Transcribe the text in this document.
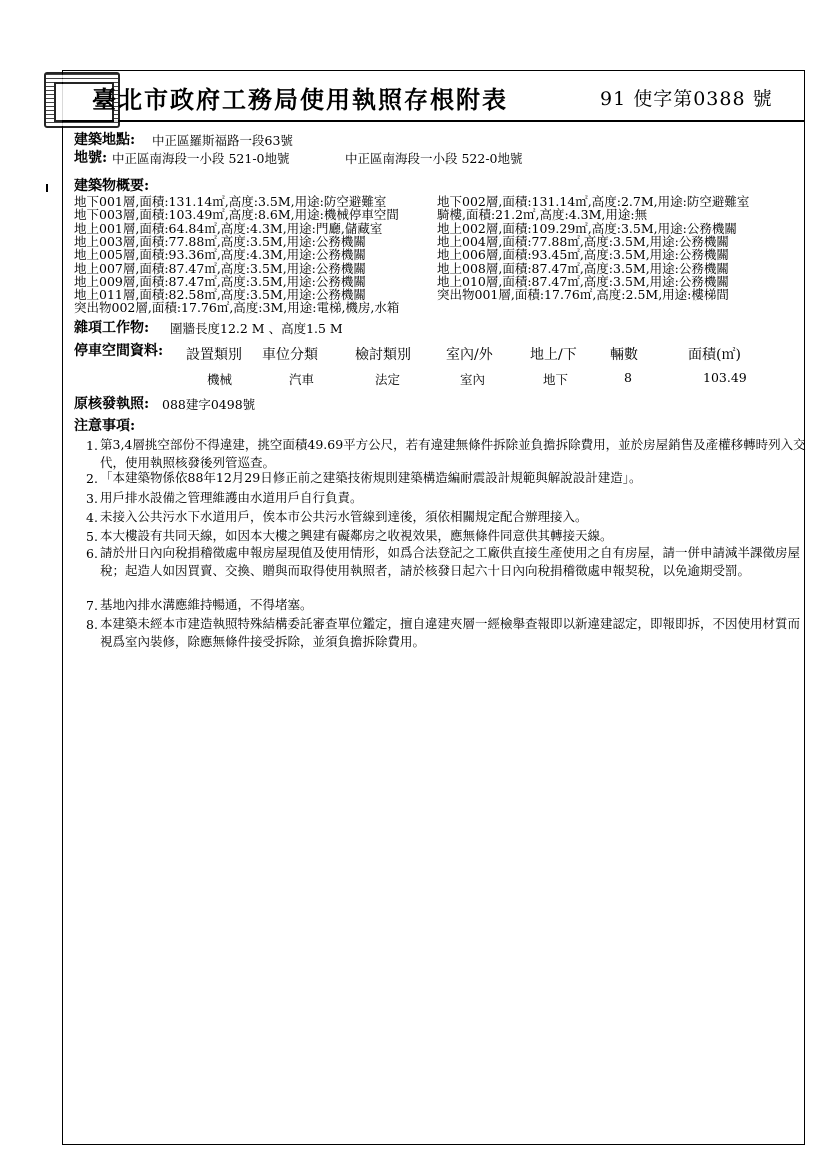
臺北市政府工務局使用執照存根附表	91 使字第0388 號
建築地點: 中正區羅斯福路一段63號
地號: 中正區南海段一小段 521-0地號	中正區南海段一小段 522-0地號
建築物概要:
地下001層,面積:131.14㎡,高度:3.5M,用途:防空避難室
地下003層,面積:103.49㎡,高度:8.6M,用途:機械停車空間
地上001層,面積:64.84㎡,高度:4.3M,用途:門廳,儲藏室
地上003層,面積:77.88㎡,高度:3.5M,用途:公務機關
地上005層,面積:93.36㎡,高度:4.3M,用途:公務機關
地上007層,面積:87.47㎡,高度:3.5M,用途:公務機關
地上009層,面積:87.47㎡,高度:3.5M,用途:公務機關
地上011層,面積:82.58㎡,高度:3.5M,用途:公務機關
突出物002層,面積:17.76㎡,高度:3M,用途:電梯,機房,水箱
地下002層,面積:131.14㎡,高度:2.7M,用途:防空避難室
騎樓,面積:21.2㎡,高度:4.3M,用途:無
地上002層,面積:109.29㎡,高度:3.5M,用途:公務機關
地上004層,面積:77.88㎡,高度:3.5M,用途:公務機關
地上006層,面積:93.45㎡,高度:3.5M,用途:公務機關
地上008層,面積:87.47㎡,高度:3.5M,用途:公務機關
地上010層,面積:87.47㎡,高度:3.5M,用途:公務機關
突出物001層,面積:17.76㎡,高度:2.5M,用途:樓梯間
雜項工作物: 圍牆長度12.2 M 、高度1.5 M
停車空間資料: 設置類別 車位分類	檢討類別	室內/外	地上/下 輛數	面積(㎡)
機械	汽車	法定	室內	地下	8	103.49
原核發執照: 088建字0498號
注意事項:
1. 第3,4層挑空部份不得違建，挑空面積49.69平方公尺，若有違建無條件拆除並負擔拆除費用，並於房屋銷售及產權移轉時列入交代，使用執照核發後列管巡查。
2. 「本建築物係依88年12月29日修正前之建築技術規則建築構造編耐震設計規範與解說設計建造」。
3. 用戶排水設備之管理維護由水道用戶自行負責。
4. 未接入公共污水下水道用戶，俟本市公共污水管線到達後，須依相關規定配合辦理接入。
5. 本大樓設有共同天線，如因本大樓之興建有礙鄰房之收視效果，應無條件同意供其轉接天線。
6. 請於卅日內向稅捐稽徵處申報房屋現值及使用情形，如爲合法登記之工廠供直接生產使用之自有房屋，請一併申請減半課徵房屋稅；起造人如因買賣、交換、贈與而取得使用執照者，請於核發日起六十日內向稅捐稽徵處申報契稅，以免逾期受罰。
7. 基地內排水溝應維持暢通，不得堵塞。
8. 本建築未經本市建造執照特殊結構委託審查單位鑑定，擅自違建夾層一經檢舉查報即以新違建認定，即報即拆，不因使用材質而視爲室內裝修，除應無條件接受拆除，並須負擔拆除費用。
